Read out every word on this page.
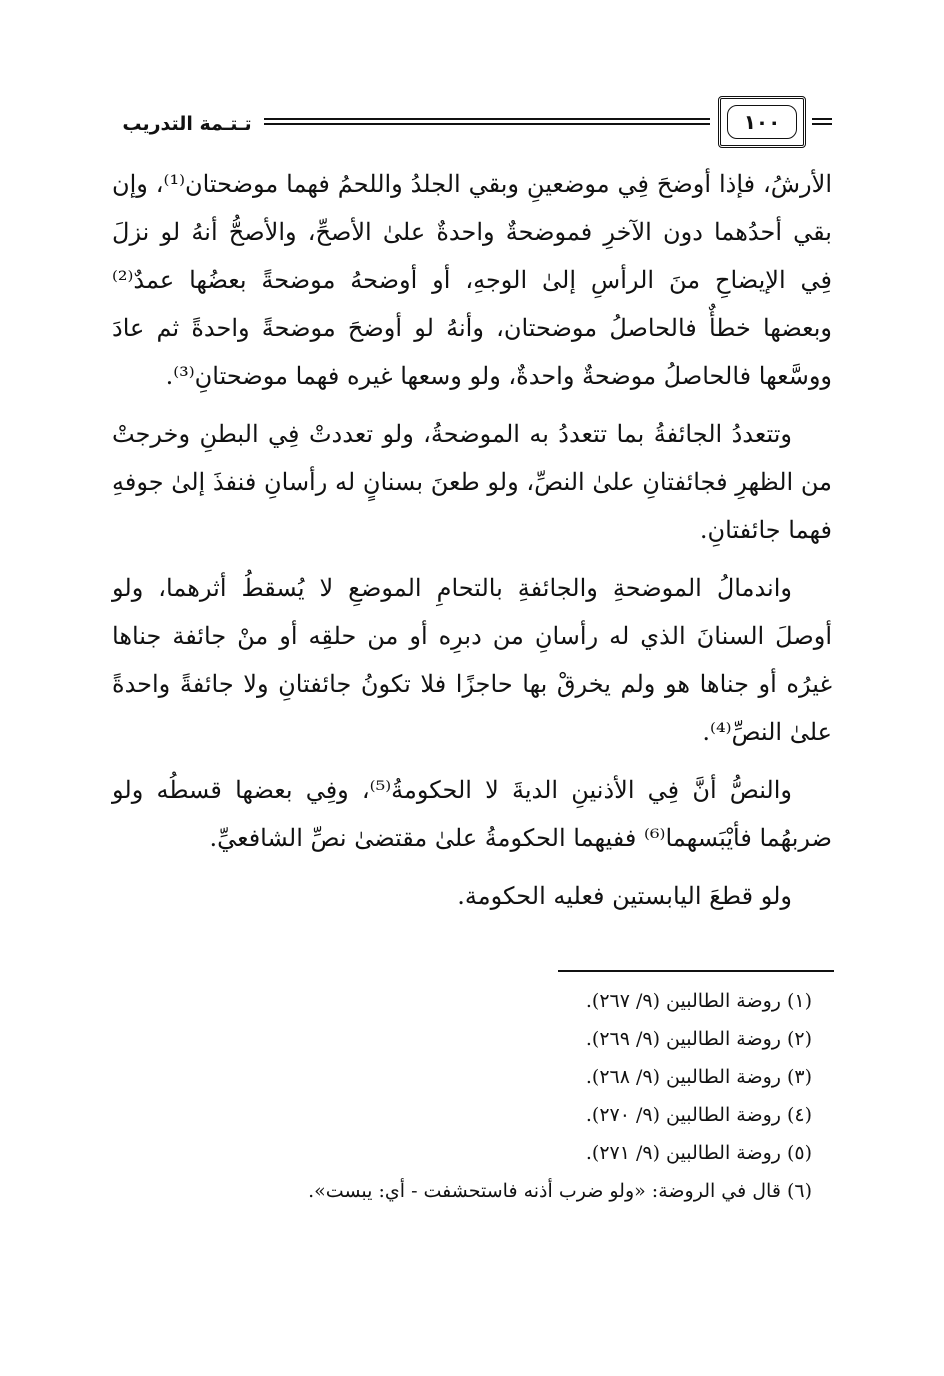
تـتـمة التدريب	١٠٠

الأرشُ، فإذا أوضحَ فِي موضعينِ وبقي الجلدُ واللحمُ فهما موضحتان⁽¹⁾، وإن بقي أحدُهما دون الآخرِ فموضحةٌ واحدةٌ علىٰ الأصحِّ، والأصحُّ أنهُ لو نزلَ فِي الإيضاحِ منَ الرأسِ إلىٰ الوجهِ، أو أوضحهُ موضحةً بعضُها عمدٌ⁽²⁾ وبعضها خطأٌ فالحاصلُ موضحتان، وأنهُ لو أوضحَ موضحةً واحدةً ثم عادَ ووسَّعها فالحاصلُ موضحةٌ واحدةٌ، ولو وسعها غيره فهما موضحتانِ⁽³⁾.

وتتعددُ الجائفةُ بما تتعددُ به الموضحةُ، ولو تعددتْ فِي البطنِ وخرجتْ من الظهرِ فجائفتانِ علىٰ النصِّ، ولو طعنَ بسنانٍ له رأسانِ فنفذَ إلىٰ جوفهِ فهما جائفتانِ.

واندمالُ الموضحةِ والجائفةِ بالتحامِ الموضعِ لا يُسقطُ أثرهما، ولو أوصلَ السنانَ الذي له رأسانِ من دبرِه أو من حلقِه أو منْ جائفة جناها غيرُه أو جناها هو ولم يخرقْ بها حاجزًا فلا تكونُ جائفتانِ ولا جائفةً واحدةً علىٰ النصِّ⁽⁴⁾.

والنصُّ أنَّ فِي الأذنينِ الديةَ لا الحكومةُ⁽⁵⁾، وفِي بعضها قسطُه ولو ضربهُما فأيْبَسهما⁽⁶⁾ ففيهما الحكومةُ علىٰ مقتضىٰ نصِّ الشافعيِّ.

ولو قطعَ اليابستين فعليه الحكومة.

(١)روضة الطالبين (٩/ ٢٦٧).

(٢)روضة الطالبين (٩/ ٢٦٩).

(٣)روضة الطالبين (٩/ ٢٦٨).

(٤)روضة الطالبين (٩/ ٢٧٠).

(٥)روضة الطالبين (٩/ ٢٧١).

(٦)قال في الروضة: «ولو ضرب أذنه فاستحشفت - أي: يبست».
